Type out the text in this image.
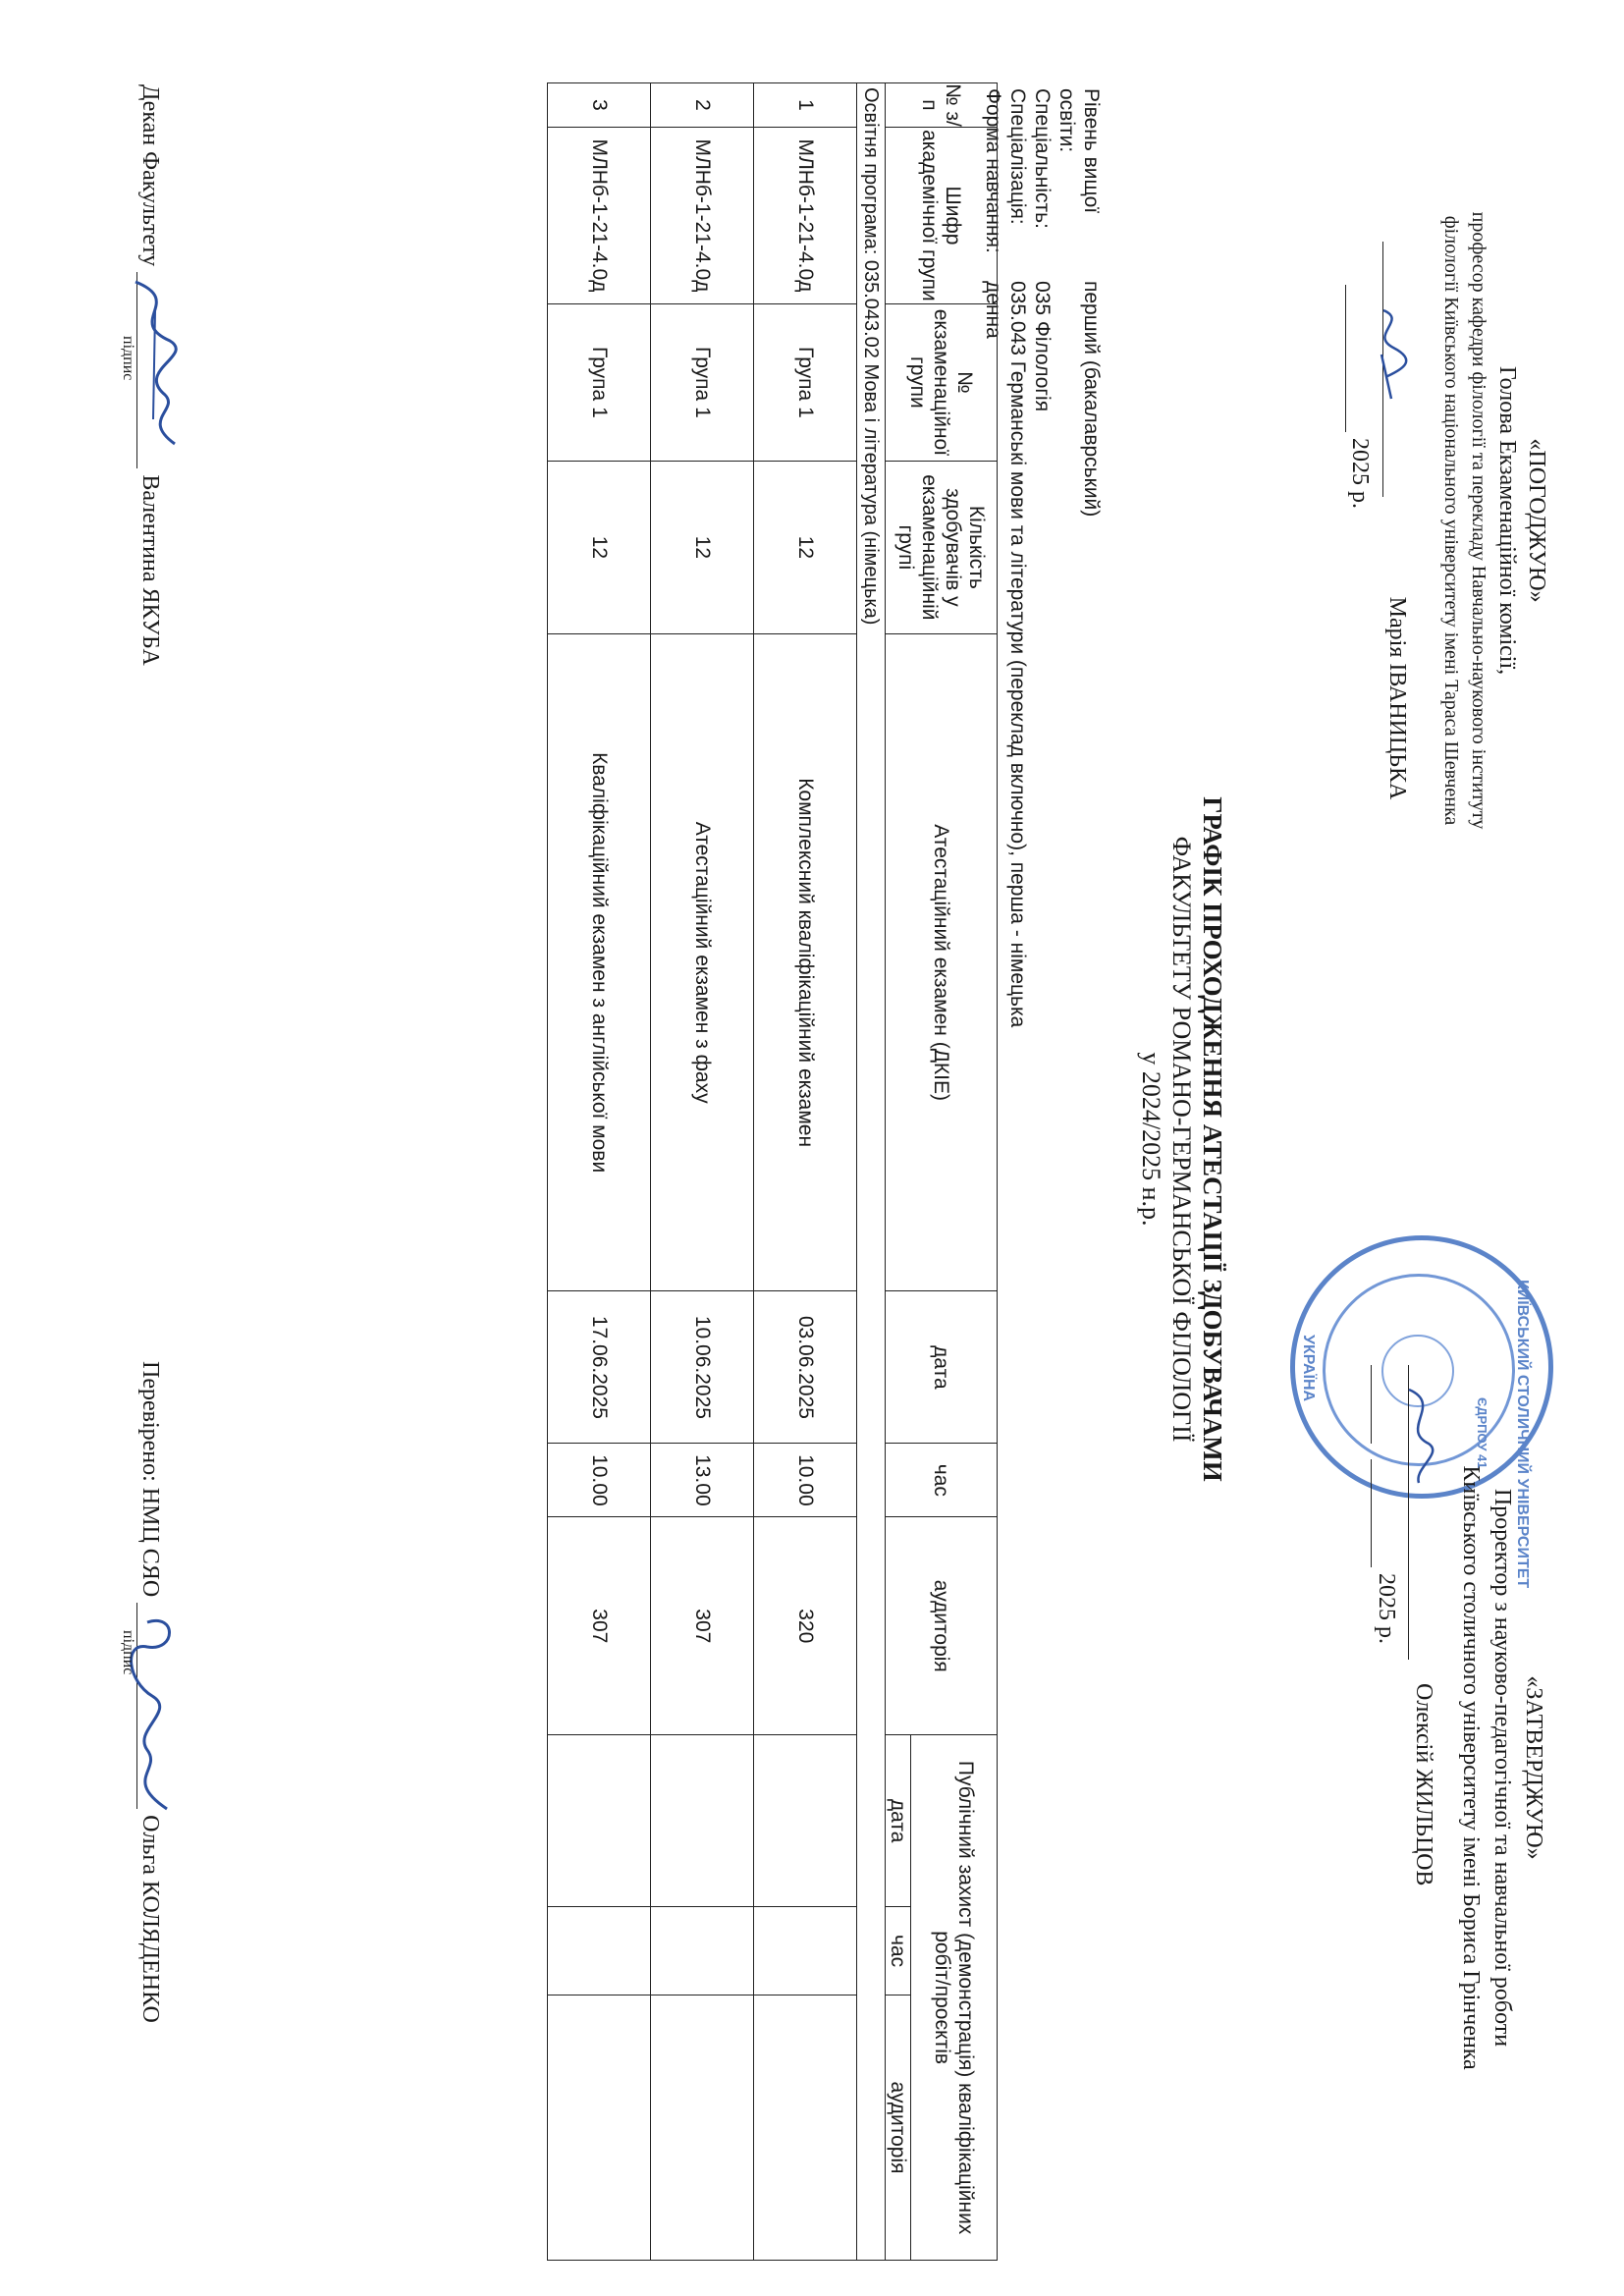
«ПОГОДЖУЮ»
Голова Екзаменаційної комісії,
професор кафедри філології та перекладу Навчально-наукового інституту
філології Київського національного університету імені Тараса Шевченка
Марія ІВАНИЦЬКА
2025 р.
КИЇВСЬКИЙ СТОЛИЧНИЙ УНІВЕРСИТЕТ
УКРАЇНА
ЄДРПОУ 41
«ЗАТВЕРДЖУЮ»
Проректор з науково-педагогічної та навчальної роботи
Київського столичного університету імені Бориса Грінченка
Олексій ЖИЛЬЦОВ
2025 р.
ГРАФІК ПРОХОДЖЕННЯ АТЕСТАЦІЇ ЗДОБУВАЧАМИ
ФАКУЛЬТЕТУ РОМАНО-ГЕРМАНСЬКОЇ ФІЛОЛОГІЇ
у 2024/2025 н.р.
Рівень вищої освіти:
перший (бакалаврський)
Спеціальність:
035 Філологія
Спеціалізація:
035.043 Германські мови та літератури (переклад включно), перша - німецька
Форма навчання:
денна
№ з/п	Шифр академічної групи	№ екзаменаційної групи	Кількість здобувачів у екзаменаційній групі	Атестаційний екзамен (ДКІЕ)	дата	час	аудиторія	Публічний захист (демонстрація) кваліфікаційних робіт/проєктів		
								дата	час	аудиторія
Освітня програма: 035.043.02 Мова і література (німецька)										
1	МЛНб-1-21-4.0д	Група 1	12	Комплексний кваліфікаційний екзамен	03.06.2025	10.00	320			
2	МЛНб-1-21-4.0д	Група 1	12	Атестаційний екзамен з фаху	10.06.2025	13.00	307			
3	МЛНб-1-21-4.0д	Група 1	12	Кваліфікаційний екзамен з англійської мови	17.06.2025	10.00	307			
Декан Факультету
Валентина ЯКУБА
підпис
Перевірено: НМЦ СЯО
Ольга КОЛЯДЕНКО
підпис
